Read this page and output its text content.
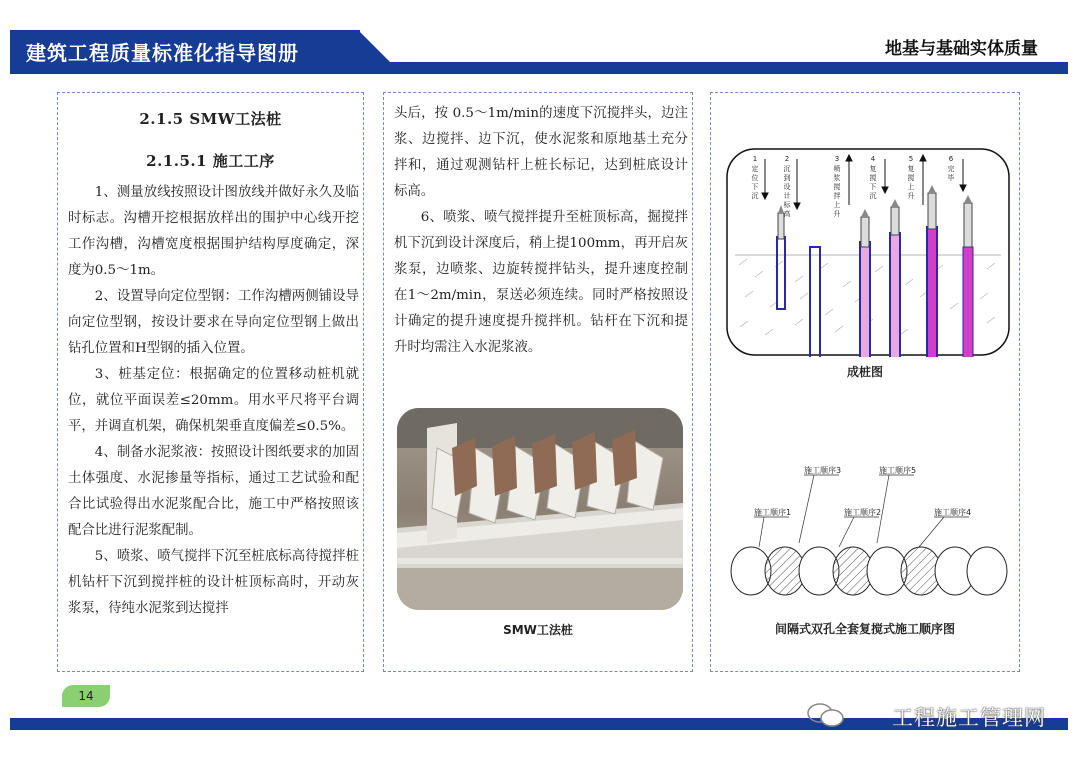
建筑工程质量标准化指导图册	地基与基础实体质量
2.1.5 SMW工法桩
2.1.5.1 施工工序

1、测量放线按照设计图放线并做好永久及临时标志。沟槽开挖根据放样出的围护中心线开挖工作沟槽，沟槽宽度根据围护结构厚度确定，深度为0.5～1m。

2、设置导向定位型钢：工作沟槽两侧铺设导向定位型钢，按设计要求在导向定位型钢上做出钻孔位置和H型钢的插入位置。

3、桩基定位：根据确定的位置移动桩机就位，就位平面误差≤20mm。用水平尺将平台调平，并调直机架，确保机架垂直度偏差≤0.5%。

4、制备水泥浆液：按照设计图纸要求的加固土体强度、水泥掺量等指标，通过工艺试验和配合比试验得出水泥浆配合比，施工中严格按照该配合比进行泥浆配制。

5、喷浆、喷气搅拌下沉至桩底标高待搅拌桩机钻杆下沉到搅拌桩的设计桩顶标高时，开动灰浆泵，待纯水泥浆到达搅拌

头后，按 0.5～1m/min的速度下沉搅拌头，边注浆、边搅拌、边下沉，使水泥浆和原地基土充分拌和，通过观测钻杆上桩长标记，达到桩底设计标高。

6、喷浆、喷气搅拌提升至桩顶标高，掘搅拌机下沉到设计深度后，稍上提100mm，再开启灰浆泵，边喷浆、边旋转搅拌钻头，提升速度控制在1～2m/min，泵送必须连续。同时严格按照设计确定的提升速度提升搅拌机。钻杆在下沉和提升时均需注入水泥浆液。

SMW工法桩
1	2	3	4	5	6
定位下沉
沉到设计标高
喷浆搅拌上升
复搅下沉
复搅上升
完毕
成桩图
施工顺序3	施工顺序5
施工顺序1	施工顺序2	施工顺序4
间隔式双孔全套复搅式施工顺序图
14
工程施工管理网
